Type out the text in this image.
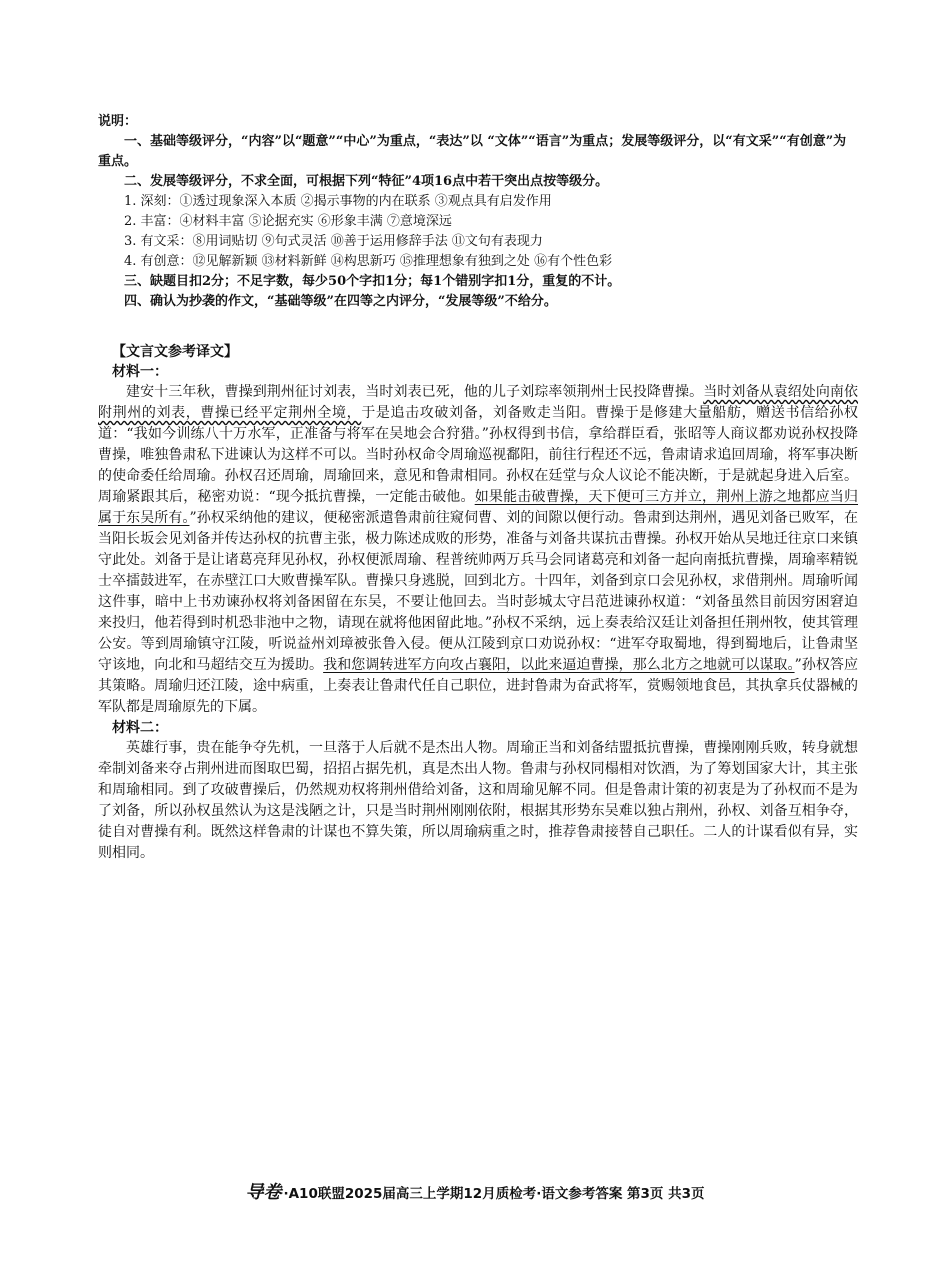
说明：

一、基础等级评分，“内容”以“题意”“中心”为重点，“表达”以 “文体”“语言”为重点；发展等级评分，以“有文采”“有创意”为重点。

二、发展等级评分，不求全面，可根据下列“特征”4项16点中若干突出点按等级分。

1. 深刻：①透过现象深入本质 ②揭示事物的内在联系 ③观点具有启发作用

2. 丰富：④材料丰富 ⑤论据充实 ⑥形象丰满 ⑦意境深远

3. 有文采：⑧用词贴切 ⑨句式灵活 ⑩善于运用修辞手法 ⑪文句有表现力

4. 有创意：⑫见解新颖 ⑬材料新鲜 ⑭构思新巧 ⑮推理想象有独到之处 ⑯有个性色彩

三、缺题目扣2分；不足字数，每少50个字扣1分；每1个错别字扣1分，重复的不计。

四、确认为抄袭的作文，“基础等级”在四等之内评分，“发展等级”不给分。

【文言文参考译文】

材料一：

建安十三年秋，曹操到荆州征讨刘表，当时刘表已死，他的儿子刘琮率领荆州士民投降曹操。当时刘备从袁绍处向南依附荆州的刘表，曹操已经平定荆州全境，于是追击攻破刘备，刘备败走当阳。曹操于是修建大量船舫，赠送书信给孙权道：“我如今训练八十万水军，正准备与将军在吴地会合狩猎。”孙权得到书信，拿给群臣看，张昭等人商议都劝说孙权投降曹操，唯独鲁肃私下进谏认为这样不可以。当时孙权命令周瑜巡视鄱阳，前往行程还不远，鲁肃请求追回周瑜，将军事决断的使命委任给周瑜。孙权召还周瑜，周瑜回来，意见和鲁肃相同。孙权在廷堂与众人议论不能决断，于是就起身进入后室。周瑜紧跟其后，秘密劝说：“现今抵抗曹操，一定能击破他。如果能击破曹操，天下便可三方并立，荆州上游之地都应当归属于东吴所有。”孙权采纳他的建议，便秘密派遣鲁肃前往窥伺曹、刘的间隙以便行动。鲁肃到达荆州，遇见刘备已败军，在当阳长坂会见刘备并传达孙权的抗曹主张，极力陈述成败的形势，准备与刘备共谋抗击曹操。孙权开始从吴地迁往京口来镇守此处。刘备于是让诸葛亮拜见孙权，孙权便派周瑜、程普统帅两万兵马会同诸葛亮和刘备一起向南抵抗曹操，周瑜率精锐士卒擂鼓进军，在赤壁江口大败曹操军队。曹操只身逃脱，回到北方。十四年，刘备到京口会见孙权，求借荆州。周瑜听闻这件事，暗中上书劝谏孙权将刘备困留在东吴，不要让他回去。当时彭城太守吕范进谏孙权道：“刘备虽然目前因穷困窘迫来投归，他若得到时机恐非池中之物，请现在就将他困留此地。”孙权不采纳，远上奏表给汉廷让刘备担任荆州牧，使其管理公安。等到周瑜镇守江陵，听说益州刘璋被张鲁入侵。便从江陵到京口劝说孙权：“进军夺取蜀地，得到蜀地后，让鲁肃坚守该地，向北和马超结交互为援助。我和您调转进军方向攻占襄阳，以此来逼迫曹操，那么北方之地就可以谋取。”孙权答应其策略。周瑜归还江陵，途中病重，上奏表让鲁肃代任自己职位，进封鲁肃为奋武将军，赏赐领地食邑，其执拿兵仗器械的军队都是周瑜原先的下属。

材料二：

英雄行事，贵在能争夺先机，一旦落于人后就不是杰出人物。周瑜正当和刘备结盟抵抗曹操，曹操刚刚兵败，转身就想牵制刘备来夺占荆州进而图取巴蜀，招招占据先机，真是杰出人物。鲁肃与孙权同榻相对饮酒，为了筹划国家大计，其主张和周瑜相同。到了攻破曹操后，仍然规劝权将荆州借给刘备，这和周瑜见解不同。但是鲁肃计策的初衷是为了孙权而不是为了刘备，所以孙权虽然认为这是浅陋之计，只是当时荆州刚刚依附，根据其形势东吴难以独占荆州，孙权、刘备互相争夺，徒自对曹操有利。既然这样鲁肃的计谋也不算失策，所以周瑜病重之时，推荐鲁肃接替自己职任。二人的计谋看似有异，实则相同。

导卷 ·A10联盟2025届高三上学期12月质检考·语文参考答案 第3页 共3页
